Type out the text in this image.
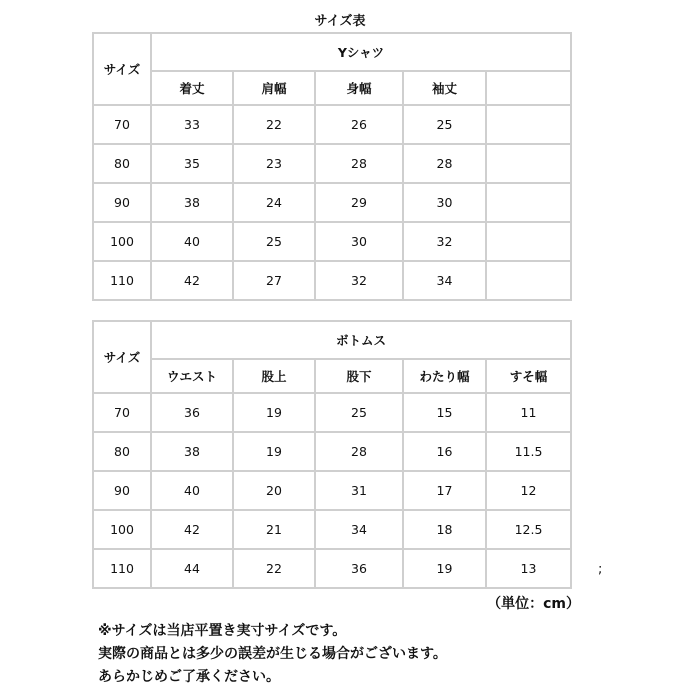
サイズ表
サイズ	Yシャツ				
	着丈	肩幅	身幅	袖丈	
70	33	22	26	25	
80	35	23	28	28	
90	38	24	29	30	
100	40	25	30	32	
110	42	27	32	34	
サイズ	ボトムス				
	ウエスト	股上	股下	わたり幅	すそ幅
70	36	19	25	15	11
80	38	19	28	16	11.5
90	40	20	31	17	12
100	42	21	34	18	12.5
110	44	22	36	19	13	;
（単位：cm）
※サイズは当店平置き実寸サイズです。
実際の商品とは多少の誤差が生じる場合がございます。
あらかじめご了承ください。
